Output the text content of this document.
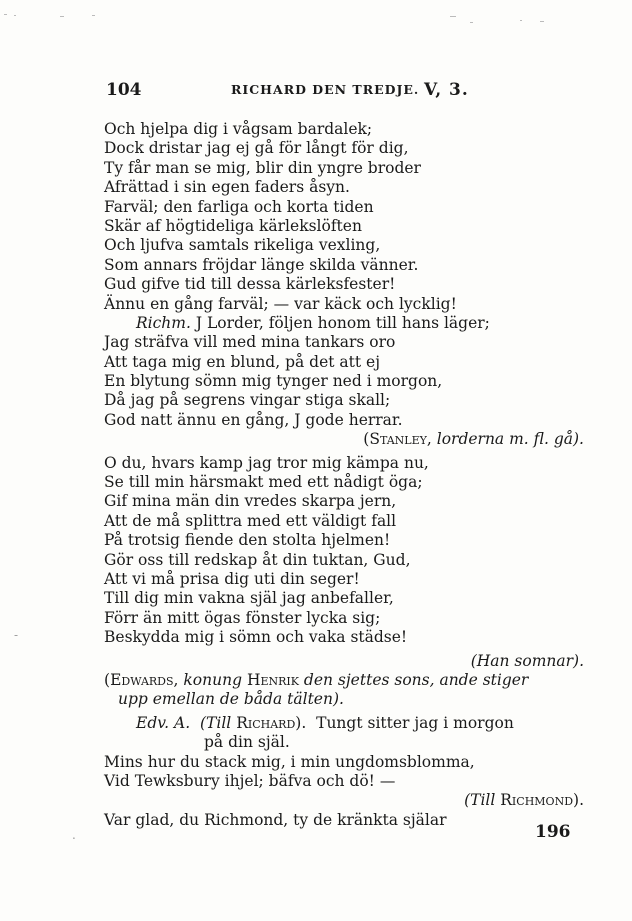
104	RICHARD DEN TREDJE. V, 3.
Och hjelpa dig i vågsam bardalek;
Dock dristar jag ej gå för långt för dig,
Ty får man se mig, blir din yngre broder
Afrättad i sin egen faders åsyn.
Farväl; den farliga och korta tiden
Skär af högtideliga kärlekslöften
Och ljufva samtals rikeliga vexling,
Som annars fröjdar länge skilda vänner.
Gud gifve tid till dessa kärleksfester!
Ännu en gång farväl; — var käck och lycklig!
Richm. J Lorder, följen honom till hans läger;
Jag sträfva vill med mina tankars oro
Att taga mig en blund, på det att ej
En blytung sömn mig tynger ned i morgon,
Då jag på segrens vingar stiga skall;
God natt ännu en gång, J gode herrar.
(Stanley, lorderna m. fl. gå).
O du, hvars kamp jag tror mig kämpa nu,
Se till min härsmakt med ett nådigt öga;
Gif mina män din vredes skarpa jern,
Att de må splittra med ett väldigt fall
På trotsig fiende den stolta hjelmen!
Gör oss till redskap åt din tuktan, Gud,
Att vi må prisa dig uti din seger!
Till dig min vakna själ jag anbefaller,
Förr än mitt ögas fönster lycka sig;
Beskydda mig i sömn och vaka städse!
(Han somnar).
(Edwards, konung Henrik den sjettes sons, ande stiger
upp emellan de båda tälten).
Edv. A. (Till Richard). Tungt sitter jag i morgon
på din själ.
Mins hur du stack mig, i min ungdomsblomma,
Vid Tewksbury ihjel; bäfva och dö! —
(Till Richmond).
Var glad, du Richmond, ty de kränkta själar
196
-
.
